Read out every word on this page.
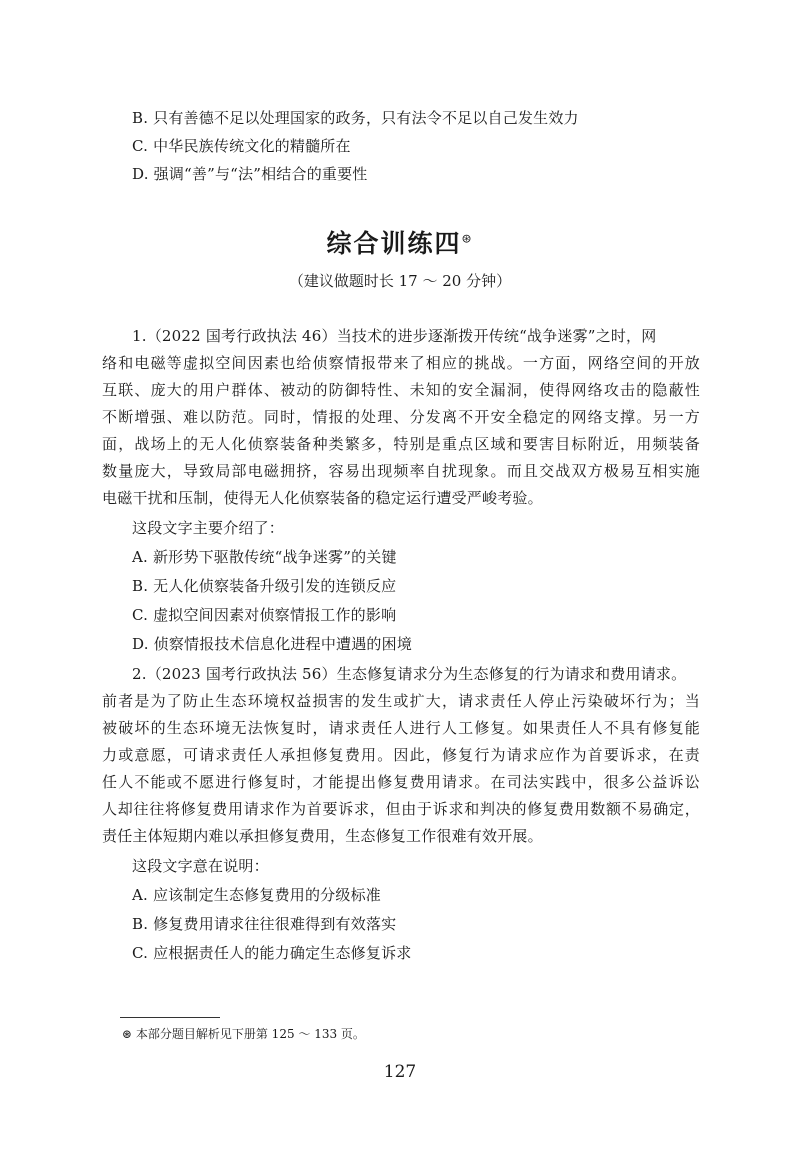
B. 只有善德不足以处理国家的政务，只有法令不足以自己发生效力
C. 中华民族传统文化的精髓所在
D. 强调“善”与“法”相结合的重要性
综合训练四⊛
（建议做题时长 17 ～ 20 分钟）
1.（2022 国考行政执法 46）当技术的进步逐渐拨开传统“战争迷雾”之时，网
络和电磁等虚拟空间因素也给侦察情报带来了相应的挑战。一方面，网络空间的开放
互联、庞大的用户群体、被动的防御特性、未知的安全漏洞，使得网络攻击的隐蔽性
不断增强、难以防范。同时，情报的处理、分发离不开安全稳定的网络支撑。另一方
面，战场上的无人化侦察装备种类繁多，特别是重点区域和要害目标附近，用频装备
数量庞大，导致局部电磁拥挤，容易出现频率自扰现象。而且交战双方极易互相实施
电磁干扰和压制，使得无人化侦察装备的稳定运行遭受严峻考验。
这段文字主要介绍了：
A. 新形势下驱散传统“战争迷雾”的关键
B. 无人化侦察装备升级引发的连锁反应
C. 虚拟空间因素对侦察情报工作的影响
D. 侦察情报技术信息化进程中遭遇的困境
2.（2023 国考行政执法 56）生态修复请求分为生态修复的行为请求和费用请求。
前者是为了防止生态环境权益损害的发生或扩大，请求责任人停止污染破坏行为；当
被破坏的生态环境无法恢复时，请求责任人进行人工修复。如果责任人不具有修复能
力或意愿，可请求责任人承担修复费用。因此，修复行为请求应作为首要诉求，在责
任人不能或不愿进行修复时，才能提出修复费用请求。在司法实践中，很多公益诉讼
人却往往将修复费用请求作为首要诉求，但由于诉求和判决的修复费用数额不易确定，
责任主体短期内难以承担修复费用，生态修复工作很难有效开展。
这段文字意在说明：
A. 应该制定生态修复费用的分级标准
B. 修复费用请求往往很难得到有效落实
C. 应根据责任人的能力确定生态修复诉求
⊛ 本部分题目解析见下册第 125 ～ 133 页。
127
